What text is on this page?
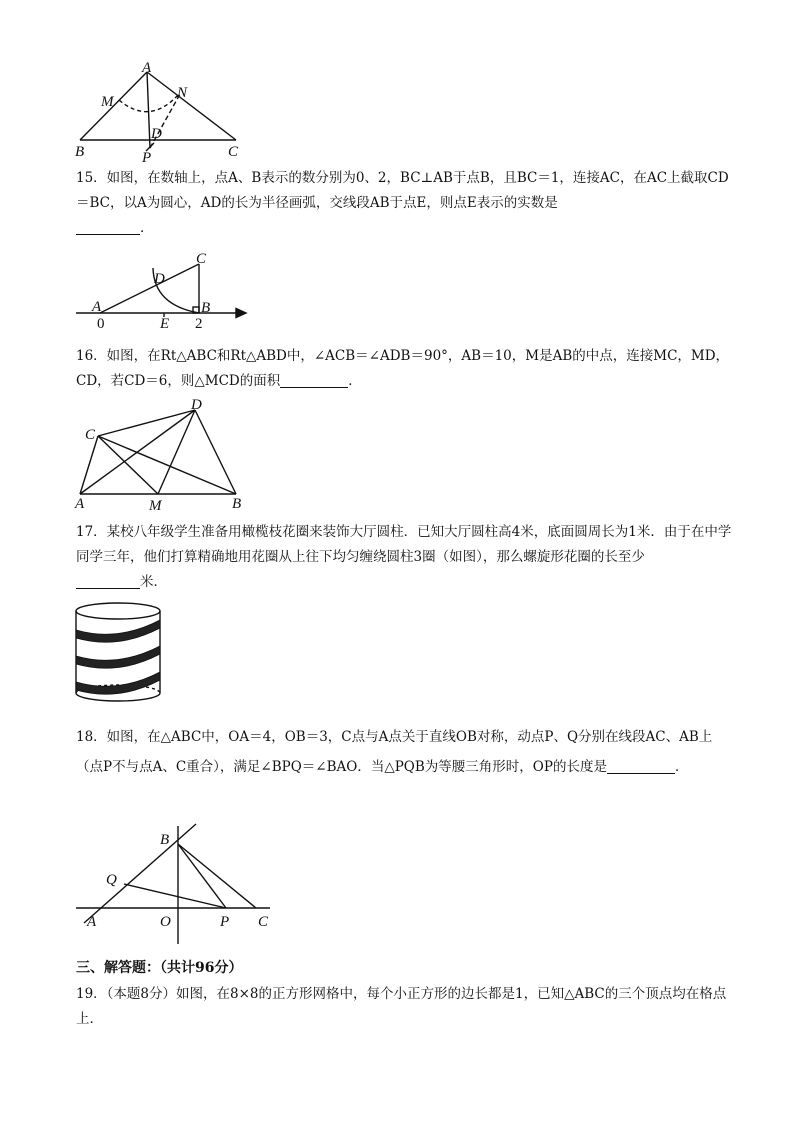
A
M
N
D
B	C
P
15．如图，在数轴上，点A、B表示的数分别为0、2，BC⊥AB于点B，且BC＝1，连接AC，在AC上截取CD＝BC，以A为圆心，AD的长为半径画弧，交线段AB于点E，则点E表示的实数是
．
C
D
A	B
0	E 2
16．如图，在Rt△ABC和Rt△ABD中，∠ACB＝∠ADB＝90°，AB＝10，M是AB的中点，连接MC，MD，CD，若CD＝6，则△MCD的面积	．
D
C
A	M	B
17．某校八年级学生准备用橄榄枝花圈来装饰大厅圆柱．已知大厅圆柱高4米，底面圆周长为1米．由于在中学同学三年，他们打算精确地用花圈从上往下均匀缠绕圆柱3圈（如图），那么螺旋形花圈的长至少
米．
18．如图，在△ABC中，OA＝4，OB＝3，C点与A点关于直线OB对称，动点P、Q分别在线段AC、AB上（点P不与点A、C重合），满足∠BPQ＝∠BAO．当△PQB为等腰三角形时，OP的长度是	．
B
Q
A	O	P C
三、解答题：（共计96分）
19．（本题8分）如图，在8×8的正方形网格中，每个小正方形的边长都是1，已知△ABC的三个顶点均在格点上．
